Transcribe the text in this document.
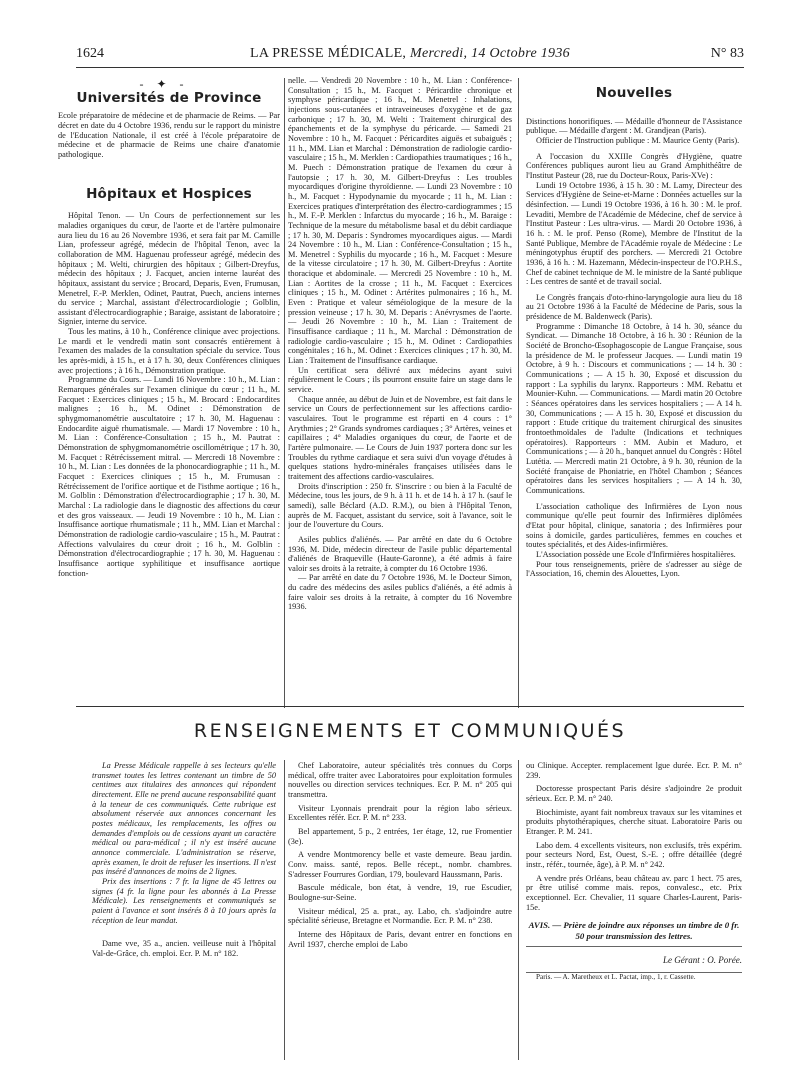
1624	LA PRESSE MÉDICALE, Mercredi, 14 Octobre 1936	N° 83
- ✦ -
Universités de Province

Ecole préparatoire de médecine et de pharmacie de Reims. — Par décret en date du 4 Octobre 1936, rendu sur le rapport du ministre de l'Education Nationale, il est créé à l'école préparatoire de médecine et de pharmacie de Reims une chaire d'anatomie pathologique.

Hôpitaux et Hospices

Hôpital Tenon. — Un Cours de perfectionnement sur les maladies organiques du cœur, de l'aorte et de l'artère pulmonaire aura lieu du 16 au 26 Novembre 1936, et sera fait par M. Camille Lian, professeur agrégé, médecin de l'hôpital Tenon, avec la collaboration de MM. Haguenau professeur agrégé, médecin des hôpitaux ; M. Welti, chirurgien des hôpitaux ; Gilbert-Dreyfus, médecin des hôpitaux ; J. Facquet, ancien interne lauréat des hôpitaux, assistant du service ; Brocard, Deparis, Even, Frumusan, Menetrel, F.-P. Merklen, Odinet, Pautrat, Puech, anciens internes du service ; Marchal, assistant d'électrocardiologie ; Golblin, assistant d'électrocardiographie ; Baraige, assistant de laboratoire ; Signier, interne du service.

Tous les matins, à 10 h., Conférence clinique avec projections. Le mardi et le vendredi matin sont consacrés entièrement à l'examen des malades de la consultation spéciale du service. Tous les après-midi, à 15 h., et à 17 h. 30, deux Conférences cliniques avec projections ; à 16 h., Démonstration pratique.

Programme du Cours. — Lundi 16 Novembre : 10 h., M. Lian : Remarques générales sur l'examen clinique du cœur ; 11 h., M. Facquet : Exercices cliniques ; 15 h., M. Brocard : Endocardites malignes ; 16 h., M. Odinet : Démonstration de sphygmomanométrie auscultatoire ; 17 h. 30, M. Haguenau : Endocardite aiguë rhumatismale. — Mardi 17 Novembre : 10 h., M. Lian : Conférence-Consultation ; 15 h., M. Pautrat : Démonstration de sphygmomanométrie oscillométrique ; 17 h. 30, M. Facquet : Rétrécissement mitral. — Mercredi 18 Novembre : 10 h., M. Lian : Les données de la phonocardiographie ; 11 h., M. Facquet : Exercices cliniques ; 15 h., M. Frumusan : Rétrécissement de l'orifice aortique et de l'isthme aortique ; 16 h., M. Golblin : Démonstration d'électrocardiographie ; 17 h. 30, M. Marchal : La radiologie dans le diagnostic des affections du cœur et des gros vaisseaux. — Jeudi 19 Novembre : 10 h., M. Lian : Insuffisance aortique rhumatismale ; 11 h., MM. Lian et Marchal : Démonstration de radiologie cardio-vasculaire ; 15 h., M. Pautrat : Affections valvulaires du cœur droit ; 16 h., M. Golblin : Démonstration d'électrocardiographie ; 17 h. 30, M. Haguenau : Insuffisance aortique syphilitique et insuffisance aortique fonction-

nelle. — Vendredi 20 Novembre : 10 h., M. Lian : Conférence-Consultation ; 15 h., M. Facquet : Péricardite chronique et symphyse péricardique ; 16 h., M. Menetrel : Inhalations, injections sous-cutanées et intraveineuses d'oxygène et de gaz carbonique ; 17 h. 30, M. Welti : Traitement chirurgical des épanchements et de la symphyse du péricarde. — Samedi 21 Novembre : 10 h., M. Facquet : Péricardites aiguës et subaiguës ; 11 h., MM. Lian et Marchal : Démonstration de radiologie cardio-vasculaire ; 15 h., M. Merklen : Cardiopathies traumatiques ; 16 h., M. Puech : Démonstration pratique de l'examen du cœur à l'autopsie ; 17 h. 30, M. Gilbert-Dreyfus : Les troubles myocardiques d'origine thyroïdienne. — Lundi 23 Novembre : 10 h., M. Facquet : Hypodynamie du myocarde ; 11 h., M. Lian : Exercices pratiques d'interprétation des électro-cardiogrammes ; 15 h., M. F.-P. Merklen : Infarctus du myocarde ; 16 h., M. Baraige : Technique de la mesure du métabolisme basal et du débit cardiaque ; 17 h. 30, M. Deparis : Syndromes myocardiques aigus. — Mardi 24 Novembre : 10 h., M. Lian : Conférence-Consultation ; 15 h., M. Menetrel : Syphilis du myocarde ; 16 h., M. Facquet : Mesure de la vitesse circulatoire ; 17 h. 30, M. Gilbert-Dreyfus : Aortite thoracique et abdominale. — Mercredi 25 Novembre : 10 h., M. Lian : Aortites de la crosse ; 11 h., M. Facquet : Exercices cliniques ; 15 h., M. Odinet : Artérites pulmonaires ; 16 h., M. Even : Pratique et valeur séméiologique de la mesure de la pression veineuse ; 17 h. 30, M. Deparis : Anévrysmes de l'aorte. — Jeudi 26 Novembre : 10 h., M. Lian : Traitement de l'insuffisance cardiaque ; 11 h., M. Marchal : Démonstration de radiologie cardio-vasculaire ; 15 h., M. Odinet : Cardiopathies congénitales ; 16 h., M. Odinet : Exercices cliniques ; 17 h. 30, M. Lian : Traitement de l'insuffisance cardiaque.

Un certificat sera délivré aux médecins ayant suivi régulièrement le Cours ; ils pourront ensuite faire un stage dans le service.

Chaque année, au début de Juin et de Novembre, est fait dans le service un Cours de perfectionnement sur les affections cardio-vasculaires. Tout le programme est réparti en 4 cours : 1° Arythmies ; 2° Grands syndromes cardiaques ; 3° Artères, veines et capillaires ; 4° Maladies organiques du cœur, de l'aorte et de l'artère pulmonaire. — Le Cours de Juin 1937 portera donc sur les Troubles du rythme cardiaque et sera suivi d'un voyage d'études à quelques stations hydro-minérales françaises utilisées dans le traitement des affections cardio-vasculaires.

Droits d'inscription : 250 fr. S'inscrire : ou bien à la Faculté de Médecine, tous les jours, de 9 h. à 11 h. et de 14 h. à 17 h. (sauf le samedi), salle Béclard (A.D. R.M.), ou bien à l'Hôpital Tenon, auprès de M. Facquet, assistant du service, soit à l'avance, soit le jour de l'ouverture du Cours.

Asiles publics d'aliénés. — Par arrêté en date du 6 Octobre 1936, M. Dide, médecin directeur de l'asile public départemental d'aliénés de Braqueville (Haute-Garonne), a été admis à faire valoir ses droits à la retraite, à compter du 16 Octobre 1936.

— Par arrêté en date du 7 Octobre 1936, M. le Docteur Simon, du cadre des médecins des asiles publics d'aliénés, a été admis à faire valoir ses droits à la retraite, à compter du 16 Novembre 1936.

Nouvelles

Distinctions honorifiques. — Médaille d'honneur de l'Assistance publique. — Médaille d'argent : M. Grandjean (Paris).

Officier de l'Instruction publique : M. Maurice Genty (Paris).

A l'occasion du XXIIIe Congrès d'Hygiène, quatre Conférences publiques auront lieu au Grand Amphithéâtre de l'Institut Pasteur (28, rue du Docteur-Roux, Paris-XVe) :

Lundi 19 Octobre 1936, à 15 h. 30 : M. Lamy, Directeur des Services d'Hygiène de Seine-et-Marne : Données actuelles sur la désinfection. — Lundi 19 Octobre 1936, à 16 h. 30 : M. le prof. Levaditi, Membre de l'Académie de Médecine, chef de service à l'Institut Pasteur : Les ultra-virus. — Mardi 20 Octobre 1936, à 16 h. : M. le prof. Penso (Rome), Membre de l'Institut de la Santé Publique, Membre de l'Académie royale de Médecine : Le méningotyphus éruptif des porchers. — Mercredi 21 Octobre 1936, à 16 h. : M. Hazemann, Médecin-inspecteur de l'O.P.H.S., Chef de cabinet technique de M. le ministre de la Santé publique : Les centres de santé et de travail social.

Le Congrès français d'oto-rhino-laryngologie aura lieu du 18 au 21 Octobre 1936 à la Faculté de Médecine de Paris, sous la présidence de M. Baldenweck (Paris).

Programme : Dimanche 18 Octobre, à 14 h. 30, séance du Syndicat. — Dimanche 18 Octobre, à 16 h. 30 : Réunion de la Société de Broncho-Œsophagoscopie de Langue Française, sous la présidence de M. le professeur Jacques. — Lundi matin 19 Octobre, à 9 h. : Discours et communications ; — 14 h. 30 : Communications ; — A 15 h. 30, Exposé et discussion du rapport : La syphilis du larynx. Rapporteurs : MM. Rebattu et Mounier-Kuhn. — Communications. — Mardi matin 20 Octobre : Séances opératoires dans les services hospitaliers ; — A 14 h. 30, Communications ; — A 15 h. 30, Exposé et discussion du rapport : Etude critique du traitement chirurgical des sinusites frontoethmoïdales de l'adulte (Indications et techniques opératoires). Rapporteurs : MM. Aubin et Maduro, et Communications ; — à 20 h., banquet annuel du Congrès : Hôtel Lutétia. — Mercredi matin 21 Octobre, à 9 h. 30, réunion de la Société française de Phoniatrie, en l'hôtel Chambon ; Séances opératoires dans les services hospitaliers ; — A 14 h. 30, Communications.

L'association catholique des Infirmières de Lyon nous communique qu'elle peut fournir des Infirmières diplômées d'Etat pour hôpital, clinique, sanatoria ; des Infirmières pour soins à domicile, gardes particulières, femmes en couches et toutes spécialités, et des Aides-infirmières.

L'Association possède une Ecole d'Infirmières hospitalières.

Pour tous renseignements, prière de s'adresser au siège de l'Association, 16, chemin des Alouettes, Lyon.

RENSEIGNEMENTS ET COMMUNIQUÉS

La Presse Médicale rappelle à ses lecteurs qu'elle transmet toutes les lettres contenant un timbre de 50 centimes aux titulaires des annonces qui répondent directement. Elle ne prend aucune responsabilité quant à la teneur de ces communiqués. Cette rubrique est absolument réservée aux annonces concernant les postes médicaux, les remplacements, les offres ou demandes d'emplois ou de cessions ayant un caractère médical ou para-médical ; il n'y est inséré aucune annonce commerciale. L'administration se réserve, après examen, le droit de refuser les insertions. Il n'est pas inséré d'annonces de moins de 2 lignes.

Prix des insertions : 7 fr. la ligne de 45 lettres ou signes (4 fr. la ligne pour les abonnés à La Presse Médicale). Les renseignements et communiqués se paient à l'avance et sont insérés 8 à 10 jours après la réception de leur mandat.

Dame vve, 35 a., ancien. veilleuse nuit à l'hôpital Val-de-Grâce, ch. emploi. Ecr. P. M. n° 182.

Chef Laboratoire, auteur spécialités très connues du Corps médical, offre traiter avec Laboratoires pour exploitation formules nouvelles ou direction services techniques. Ecr. P. M. n° 205 qui transmettra.

Visiteur Lyonnais prendrait pour la région labo sérieux. Excellentes référ. Ecr. P. M. n° 233.

Bel appartement, 5 p., 2 entrées, 1er étage, 12, rue Fromentier (3e).

A vendre Montmorency belle et vaste demeure. Beau jardin. Conv. maiss. santé, repos. Belle récept., nombr. chambres. S'adresser Fourrures Gordian, 179, boulevard Haussmann, Paris.

Bascule médicale, bon état, à vendre, 19, rue Escudier, Boulogne-sur-Seine.

Visiteur médical, 25 a. prat., ay. Labo, ch. s'adjoindre autre spécialité sérieuse, Bretagne et Normandie. Ecr. P. M. n° 238.

Interne des Hôpitaux de Paris, devant entrer en fonctions en Avril 1937, cherche emploi de Labo

ou Clinique. Accepter. remplacement lgue durée. Ecr. P. M. n° 239.

Doctoresse prospectant Paris désire s'adjoindre 2e produit sérieux. Ecr. P. M. n° 240.

Biochimiste, ayant fait nombreux travaux sur les vitamines et produits phytothérapiques, cherche situat. Laboratoire Paris ou Etranger. P. M. 241.

Labo dem. 4 excellents visiteurs, non exclusifs, très expérim. pour secteurs Nord, Est, Ouest, S.-E. ; offre détaillée (degré instr., référ., tournée, âge), à P. M. n° 242.

A vendre prés Orléans, beau château av. parc 1 hect. 75 ares, pr être utilisé comme mais. repos, convalesc., etc. Prix exceptionnel. Ecr. Chevalier, 11 square Charles-Laurent, Paris-15e.

AVIS. — Prière de joindre aux réponses un timbre de 0 fr. 50 pour transmission des lettres.

Le Gérant : O. Porée.

Paris. — A. Maretheux et L. Pactat, imp., 1, r. Cassette.
